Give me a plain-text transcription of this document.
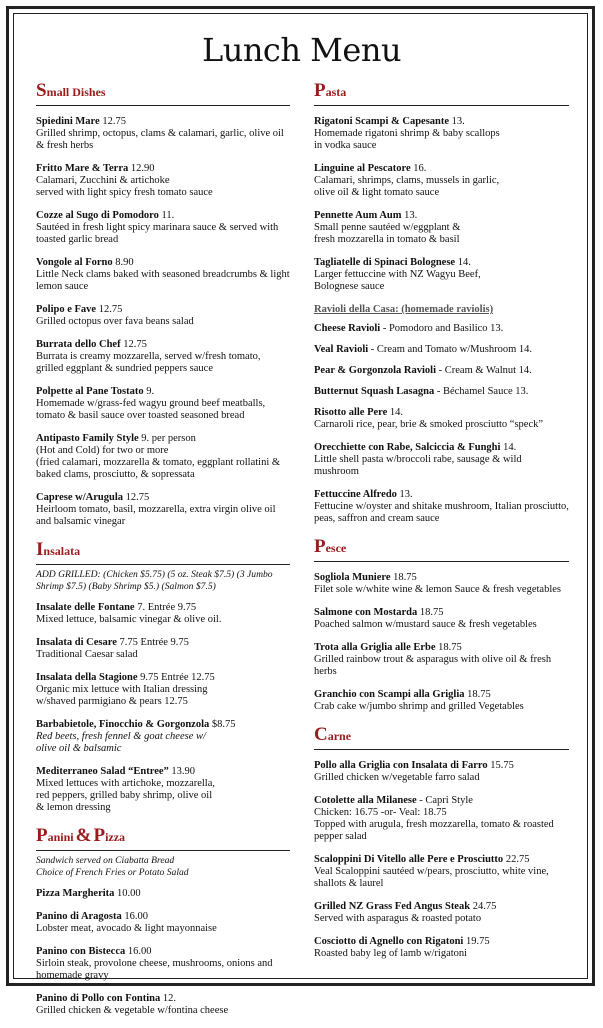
Lunch Menu
Small Dishes
Spiedini Mare 12.75
Grilled shrimp, octopus, clams & calamari, garlic, olive oil & fresh herbs
Fritto Mare & Terra 12.90
Calamari, Zucchini & artichoke
served with light spicy fresh tomato sauce
Cozze al Sugo di Pomodoro 11.
Sautéed in fresh light spicy marinara sauce & served with toasted garlic bread
Vongole al Forno 8.90
Little Neck clams baked with seasoned breadcrumbs & light lemon sauce
Polipo e Fave 12.75
Grilled octopus over fava beans salad
Burrata dello Chef 12.75
Burrata is creamy mozzarella, served w/fresh tomato, grilled eggplant & sundried peppers sauce
Polpette al Pane Tostato 9.
Homemade w/grass-fed wagyu ground beef meatballs, tomato & basil sauce over toasted seasoned bread
Antipasto Family Style 9. per person
(Hot and Cold) for two or more
(fried calamari, mozzarella & tomato, eggplant rollatini & baked clams, prosciutto, & sopressata
Caprese w/Arugula 12.75
Heirloom tomato, basil, mozzarella, extra virgin olive oil and balsamic vinegar
Insalata
ADD GRILLED: (Chicken $5.75) (5 oz. Steak $7.5) (3 Jumbo Shrimp $7.5) (Baby Shrimp $5.) (Salmon $7.5)
Insalate delle Fontane 7. Entrée 9.75
Mixed lettuce, balsamic vinegar & olive oil.
Insalata di Cesare 7.75 Entrée 9.75
Traditional Caesar salad
Insalata della Stagione 9.75 Entrée 12.75
Organic mix lettuce with Italian dressing
w/shaved parmigiano & pears 12.75
Barbabietole, Finocchio & Gorgonzola $8.75
Red beets, fresh fennel & goat cheese w/
olive oil & balsamic
Mediterraneo Salad “Entree” 13.90
Mixed lettuces with artichoke, mozzarella,
red peppers, grilled baby shrimp, olive oil
& lemon dressing
Panini & Pizza
Sandwich served on Ciabatta Bread
Choice of French Fries or Potato Salad
Pizza Margherita 10.00
Panino di Aragosta 16.00
Lobster meat, avocado & light mayonnaise
Panino con Bistecca 16.00
Sirloin steak, provolone cheese, mushrooms, onions and homemade gravy
Panino di Pollo con Fontina 12.
Grilled chicken & vegetable w/fontina cheese
Pasta
Rigatoni Scampi & Capesante 13.
Homemade rigatoni shrimp & baby scallops
in vodka sauce
Linguine al Pescatore 16.
Calamari, shrimps, clams, mussels in garlic,
olive oil & light tomato sauce
Pennette Aum Aum 13.
Small penne sautéed w/eggplant &
fresh mozzarella in tomato & basil
Tagliatelle di Spinaci Bolognese 14.
Larger fettuccine with NZ Wagyu Beef,
Bolognese sauce
Ravioli della Casa: (homemade raviolis)
Cheese Ravioli - Pomodoro and Basilico 13.
Veal Ravioli - Cream and Tomato w/Mushroom 14.
Pear & Gorgonzola Ravioli - Cream & Walnut 14.
Butternut Squash Lasagna - Béchamel Sauce 13.
Risotto alle Pere 14.
Carnaroli rice, pear, brie & smoked prosciutto “speck”
Orecchiette con Rabe, Salciccia & Funghi 14.
Little shell pasta w/broccoli rabe, sausage & wild mushroom
Fettuccine Alfredo 13.
Fettucine w/oyster and shitake mushroom, Italian prosciutto, peas, saffron and cream sauce
Pesce
Sogliola Muniere 18.75
Filet sole w/white wine & lemon Sauce & fresh vegetables
Salmone con Mostarda 18.75
Poached salmon w/mustard sauce & fresh vegetables
Trota alla Griglia alle Erbe 18.75
Grilled rainbow trout & asparagus with olive oil & fresh herbs
Granchio con Scampi alla Griglia 18.75
Crab cake w/jumbo shrimp and grilled Vegetables
Carne
Pollo alla Griglia con Insalata di Farro 15.75
Grilled chicken w/vegetable farro salad
Cotolette alla Milanese - Capri Style
Chicken: 16.75 -or- Veal: 18.75
Topped with arugula, fresh mozzarella, tomato & roasted pepper salad
Scaloppini Di Vitello alle Pere e Prosciutto 22.75
Veal Scaloppini sautéed w/pears, prosciutto, white vine, shallots & laurel
Grilled NZ Grass Fed Angus Steak 24.75
Served with asparagus & roasted potato
Cosciotto di Agnello con Rigatoni 19.75
Roasted baby leg of lamb w/rigatoni
